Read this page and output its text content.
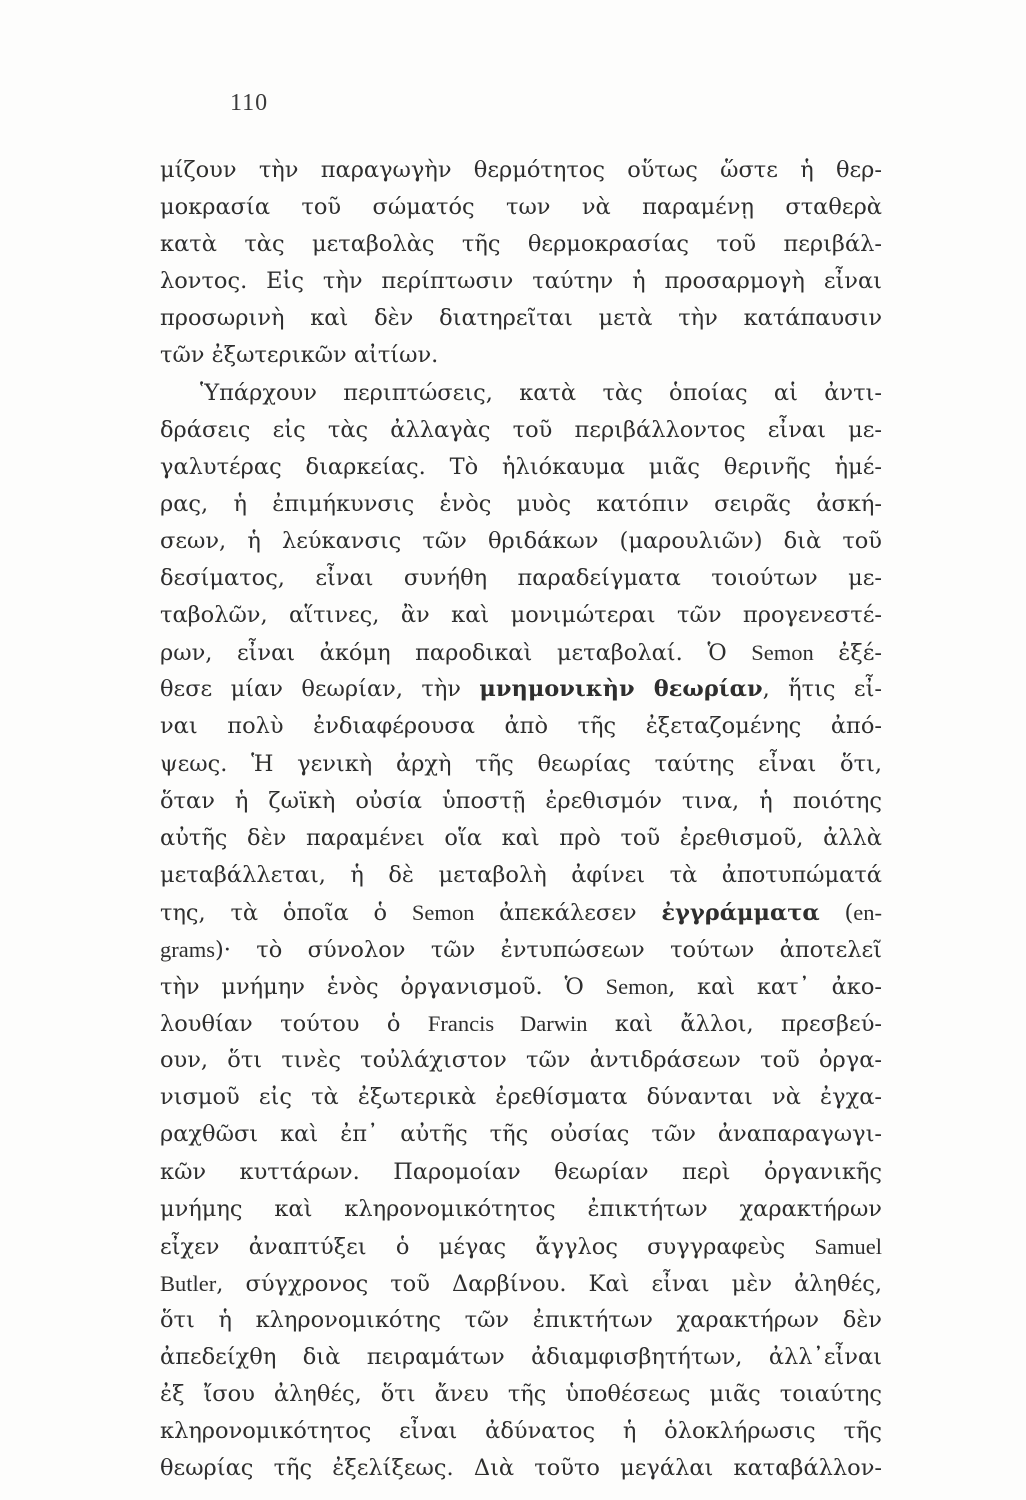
110
μίζουν τὴν παραγωγὴν θερμότητος οὕτως ὥστε ἡ θερ-
μοκρασία τοῦ σώματός των νὰ παραμένῃ σταθερὰ
κατὰ τὰς μεταβολὰς τῆς θερμοκρασίας τοῦ περιβάλ-
λοντος. Εἰς τὴν περίπτωσιν ταύτην ἡ προσαρμογὴ εἶναι
προσωρινὴ καὶ δὲν διατηρεῖται μετὰ τὴν κατάπαυσιν
τῶν ἐξωτερικῶν αἰτίων.
Ὑπάρχουν περιπτώσεις, κατὰ τὰς ὁποίας αἱ ἀντι-
δράσεις εἰς τὰς ἀλλαγὰς τοῦ περιβάλλοντος εἶναι με-
γαλυτέρας διαρκείας. Τὸ ἡλιόκαυμα μιᾶς θερινῆς ἡμέ-
ρας, ἡ ἐπιμήκυνσις ἑνὸς μυὸς κατόπιν σειρᾶς ἀσκή-
σεων, ἡ λεύκανσις τῶν θριδάκων (μαρουλιῶν) διὰ τοῦ
δεσίματος, εἶναι συνήθη παραδείγματα τοιούτων με-
ταβολῶν, αἵτινες, ἂν καὶ μονιμώτεραι τῶν προγενεστέ-
ρων, εἶναι ἀκόμη παροδικαὶ μεταβολαί. Ὁ Semon ἐξέ-
θεσε μίαν θεωρίαν, τὴν μνημονικὴν θεωρίαν, ἥτις εἶ-
ναι πολὺ ἐνδιαφέρουσα ἀπὸ τῆς ἐξεταζομένης ἀπό-
ψεως. Ἡ γενικὴ ἀρχὴ τῆς θεωρίας ταύτης εἶναι ὅτι,
ὅταν ἡ ζωϊκὴ οὐσία ὑποστῇ ἐρεθισμόν τινα, ἡ ποιότης
αὐτῆς δὲν παραμένει οἵα καὶ πρὸ τοῦ ἐρεθισμοῦ, ἀλλὰ
μεταβάλλεται, ἡ δὲ μεταβολὴ ἀφίνει τὰ ἀποτυπώματά
της, τὰ ὁποῖα ὁ Semon ἀπεκάλεσεν ἐγγράμματα (en-
grams)· τὸ σύνολον τῶν ἐντυπώσεων τούτων ἀποτελεῖ
τὴν μνήμην ἑνὸς ὀργανισμοῦ. Ὁ Semon, καὶ κατ᾿ ἀκο-
λουθίαν τούτου ὁ Francis Darwin καὶ ἄλλοι, πρεσβεύ-
ουν, ὅτι τινὲς τοὐλάχιστον τῶν ἀντιδράσεων τοῦ ὀργα-
νισμοῦ εἰς τὰ ἐξωτερικὰ ἐρεθίσματα δύνανται νὰ ἐγχα-
ραχθῶσι καὶ ἐπ᾿ αὐτῆς τῆς οὐσίας τῶν ἀναπαραγωγι-
κῶν κυττάρων. Παρομοίαν θεωρίαν περὶ ὀργανικῆς
μνήμης καὶ κληρονομικότητος ἐπικτήτων χαρακτήρων
εἶχεν ἀναπτύξει ὁ μέγας ἄγγλος συγγραφεὺς Samuel
Butler, σύγχρονος τοῦ Δαρβίνου. Καὶ εἶναι μὲν ἀληθές,
ὅτι ἡ κληρονομικότης τῶν ἐπικτήτων χαρακτήρων δὲν
ἀπεδείχθη διὰ πειραμάτων ἀδιαμφισβητήτων, ἀλλ᾿εἶναι
ἐξ ἴσου ἀληθές, ὅτι ἄνευ τῆς ὑποθέσεως μιᾶς τοιαύτης
κληρονομικότητος εἶναι ἀδύνατος ἡ ὁλοκλήρωσις τῆς
θεωρίας τῆς ἐξελίξεως. Διὰ τοῦτο μεγάλαι καταβάλλον-
